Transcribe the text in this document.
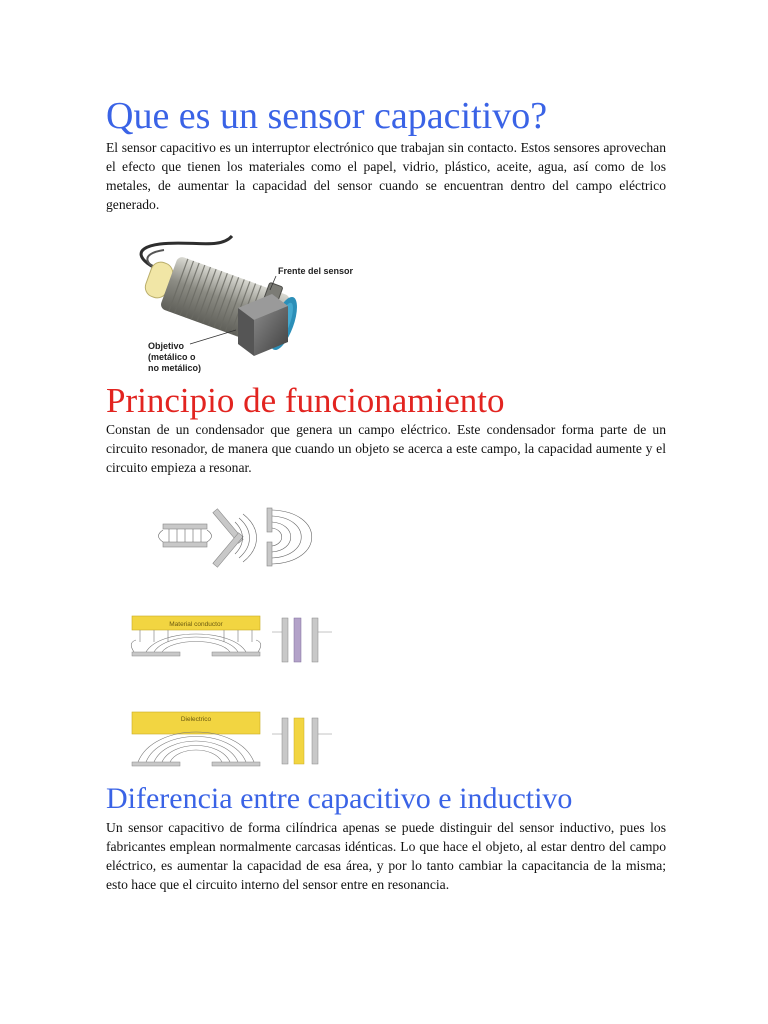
Que es un sensor capacitivo?

El sensor capacitivo es un interruptor electrónico que trabajan sin contacto. Estos sensores aprovechan el efecto que tienen los materiales como el papel, vidrio, plástico, aceite, agua, así como de los metales, de aumentar la capacidad del sensor cuando se encuentran dentro del campo eléctrico generado.

Frente del sensor
Objetivo
(metálico o
no metálico)
Principio de funcionamiento

Constan de un condensador que genera un campo eléctrico. Este condensador forma parte de un circuito resonador, de manera que cuando un objeto se acerca a este campo, la capacidad aumente y el circuito empieza a resonar.

Material conductor
Dielectrico
Diferencia entre capacitivo e inductivo

Un sensor capacitivo de forma cilíndrica apenas se puede distinguir del sensor inductivo, pues los fabricantes emplean normalmente carcasas idénticas. Lo que hace el objeto, al estar dentro del campo eléctrico, es aumentar la capacidad de esa área, y por lo tanto cambiar la capacitancia de la misma; esto hace que el circuito interno del sensor entre en resonancia.
